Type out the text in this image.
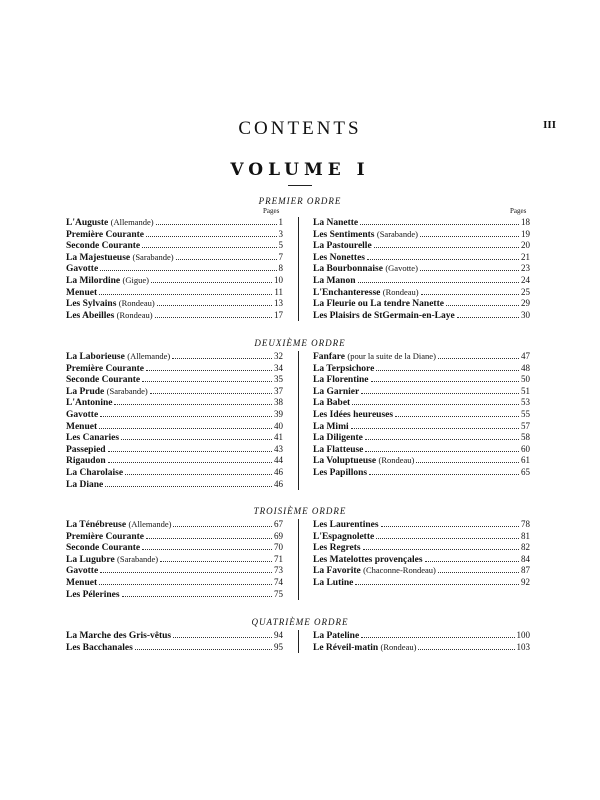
III
CONTENTS
VOLUME I
PREMIER ORDRE
Pages	Pages
L'Auguste (Allemande)	1
Première Courante	3
Seconde Courante	5
La Majestueuse (Sarabande)	7
Gavotte	8
La Milordine (Gigue)	10
Menuet	11
Les Sylvains (Rondeau)	13
Les Abeilles (Rondeau)	17
La Nanette	18
Les Sentiments (Sarabande)	19
La Pastourelle	20
Les Nonettes	21
La Bourbonnaise (Gavotte)	23
La Manon	24
L'Enchanteresse (Rondeau)	25
La Fleurie ou La tendre Nanette	29
Les Plaisirs de StGermain-en-Laye	30
DEUXIÈME ORDRE
La Laborieuse (Allemande)	32
Première Courante	34
Seconde Courante	35
La Prude (Sarabande)	37
L'Antonine	38
Gavotte	39
Menuet	40
Les Canaries	41
Passepied	43
Rigaudon	44
La Charolaise	46
La Diane	46
Fanfare (pour la suite de la Diane)	47
La Terpsichore	48
La Florentine	50
La Garnier	51
La Babet	53
Les Idées heureuses	55
La Mimi	57
La Diligente	58
La Flatteuse	60
La Voluptueuse (Rondeau)	61
Les Papillons	65
TROISIÈME ORDRE
La Ténébreuse (Allemande)	67
Première Courante	69
Seconde Courante	70
La Lugubre (Sarabande)	71
Gavotte	73
Menuet	74
Les Pélerines	75
Les Laurentines	78
L'Espagnolette	81
Les Regrets	82
Les Matelottes provençales	84
La Favorite (Chaconne-Rondeau)	87
La Lutine	92
QUATRIÈME ORDRE
La Marche des Gris-vêtus	94
Les Bacchanales	95
La Pateline	100
Le Réveil-matin (Rondeau)	103
